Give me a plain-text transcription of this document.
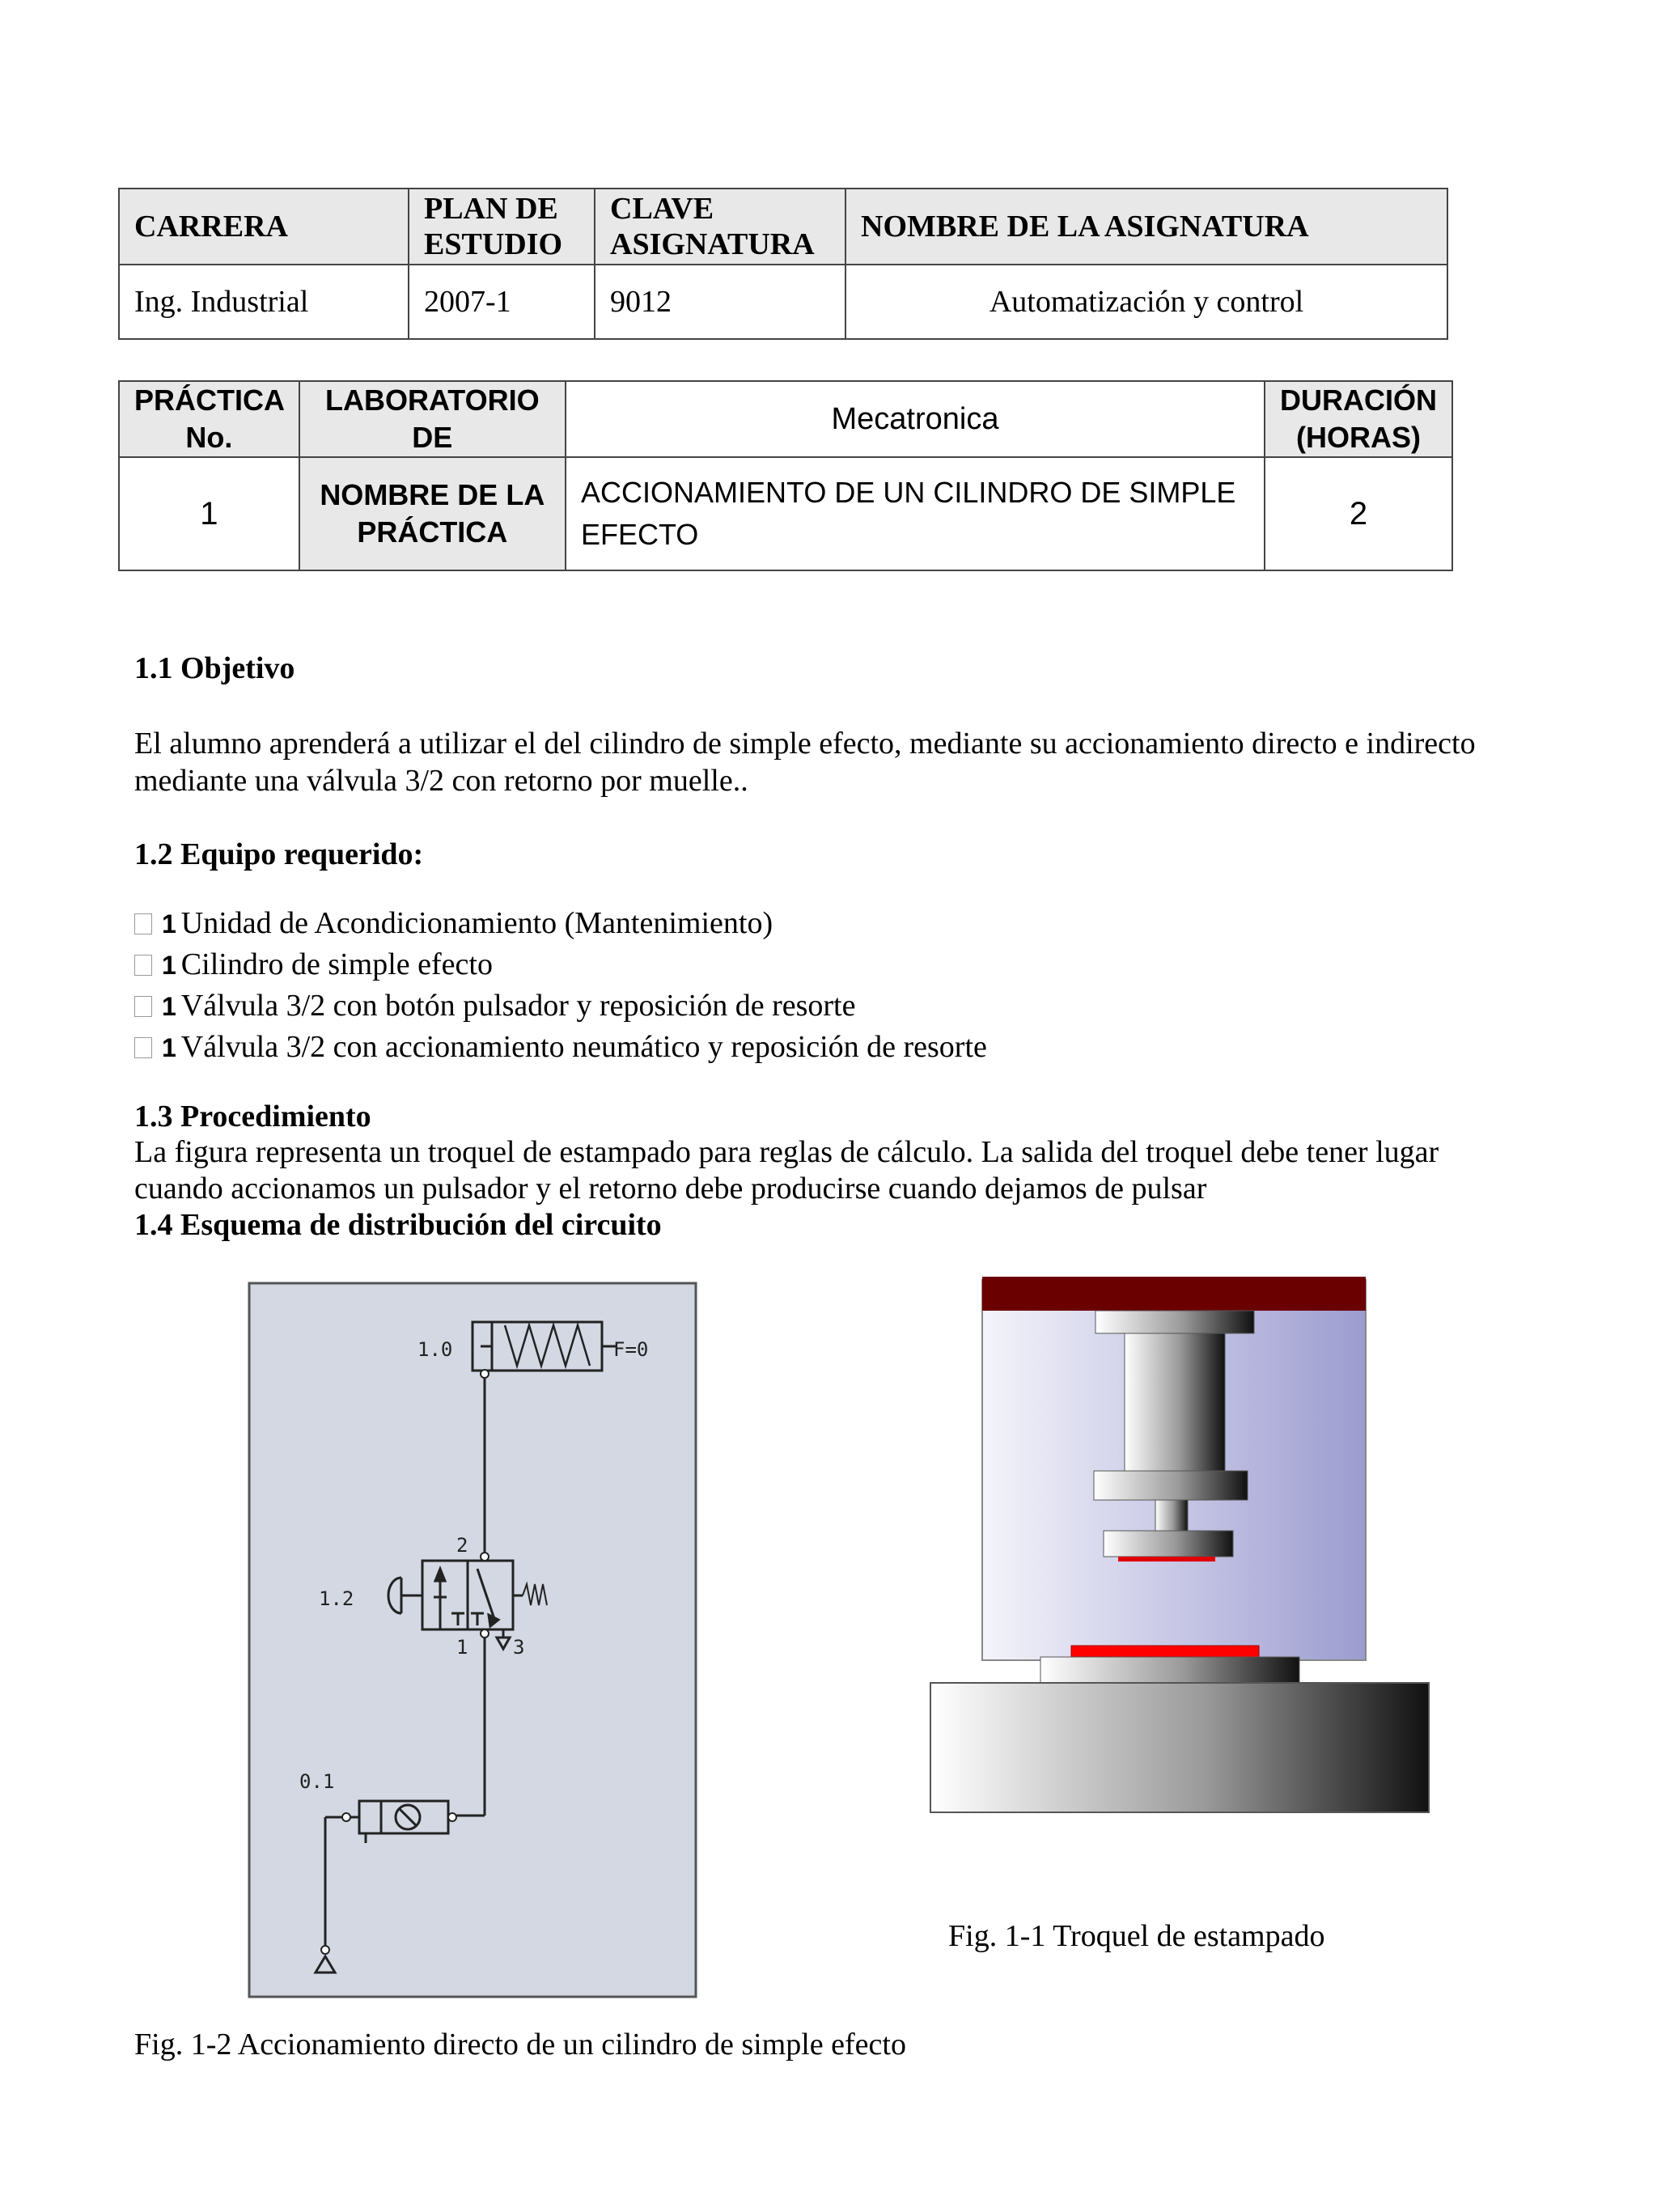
CARRERA	PLAN DE ESTUDIO	CLAVE ASIGNATURA	NOMBRE DE LA ASIGNATURA
Ing. Industrial	2007-1	9012	Automatización y control
PRÁCTICA No.	LABORATORIO DE	Mecatronica	DURACIÓN (HORAS)
1	NOMBRE DE LA PRÁCTICA	ACCIONAMIENTO DE UN CILINDRO DE SIMPLE EFECTO	2
1.1 Objetivo
El alumno aprenderá a utilizar el del cilindro de simple efecto, mediante su accionamiento directo e indirecto mediante una válvula 3/2 con retorno por muelle..
1.2 Equipo requerido:
1 Unidad de Acondicionamiento (Mantenimiento)
1 Cilindro de simple efecto
1 Válvula 3/2 con botón pulsador y reposición de resorte
1 Válvula 3/2 con accionamiento neumático y reposición de resorte
1.3 Procedimiento
La figura representa un troquel de estampado para reglas de cálculo. La salida del troquel debe tener lugar cuando accionamos un pulsador y el retorno debe producirse cuando dejamos de pulsar
1.4 Esquema de distribución del circuito
1.0	F=0
1.2
2
1 3
0.1
Fig. 1-1 Troquel de estampado
Fig. 1-2 Accionamiento directo de un cilindro de simple efecto
